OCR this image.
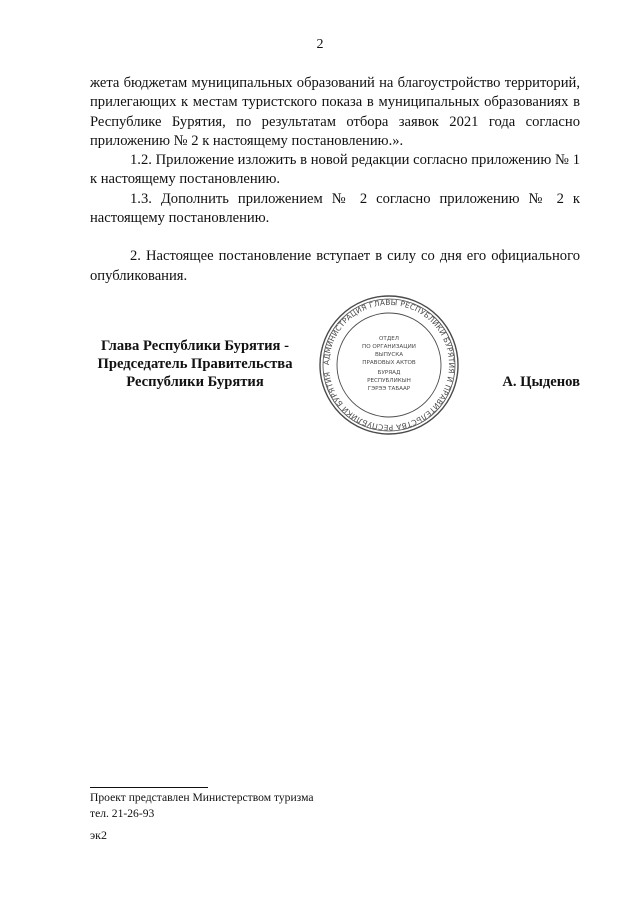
2

жета бюджетам муниципальных образований на благоустройство территорий, прилегающих к местам туристского показа в муниципальных образованиях в Республике Бурятия, по результатам отбора заявок 2021 года согласно приложению № 2 к настоящему постановлению.».

1.2. Приложение изложить в новой редакции согласно приложению № 1 к настоящему постановлению.

1.3. Дополнить приложением № 2 согласно приложению № 2 к настоящему постановлению.

2. Настоящее постановление вступает в силу со дня его официального опубликования.

Глава Республики Бурятия -
Председатель Правительства
Республики Бурятия	А. Цыденов
АДМИНИСТРАЦИЯ ГЛАВЫ РЕСПУБЛИКИ БУРЯТИЯ И ПРАВИТЕЛЬСТВА РЕСПУБЛИКИ БУРЯТИЯ
ОТДЕЛ
ПО ОРГАНИЗАЦИИ
ВЫПУСКА
ПРАВОВЫХ АКТОВ
БУРЯАД
РЕСПУБЛИКЫН
ГЭРЭЭ ТАБААР
Проект представлен Министерством туризма
тел. 21-26-93
эк2
